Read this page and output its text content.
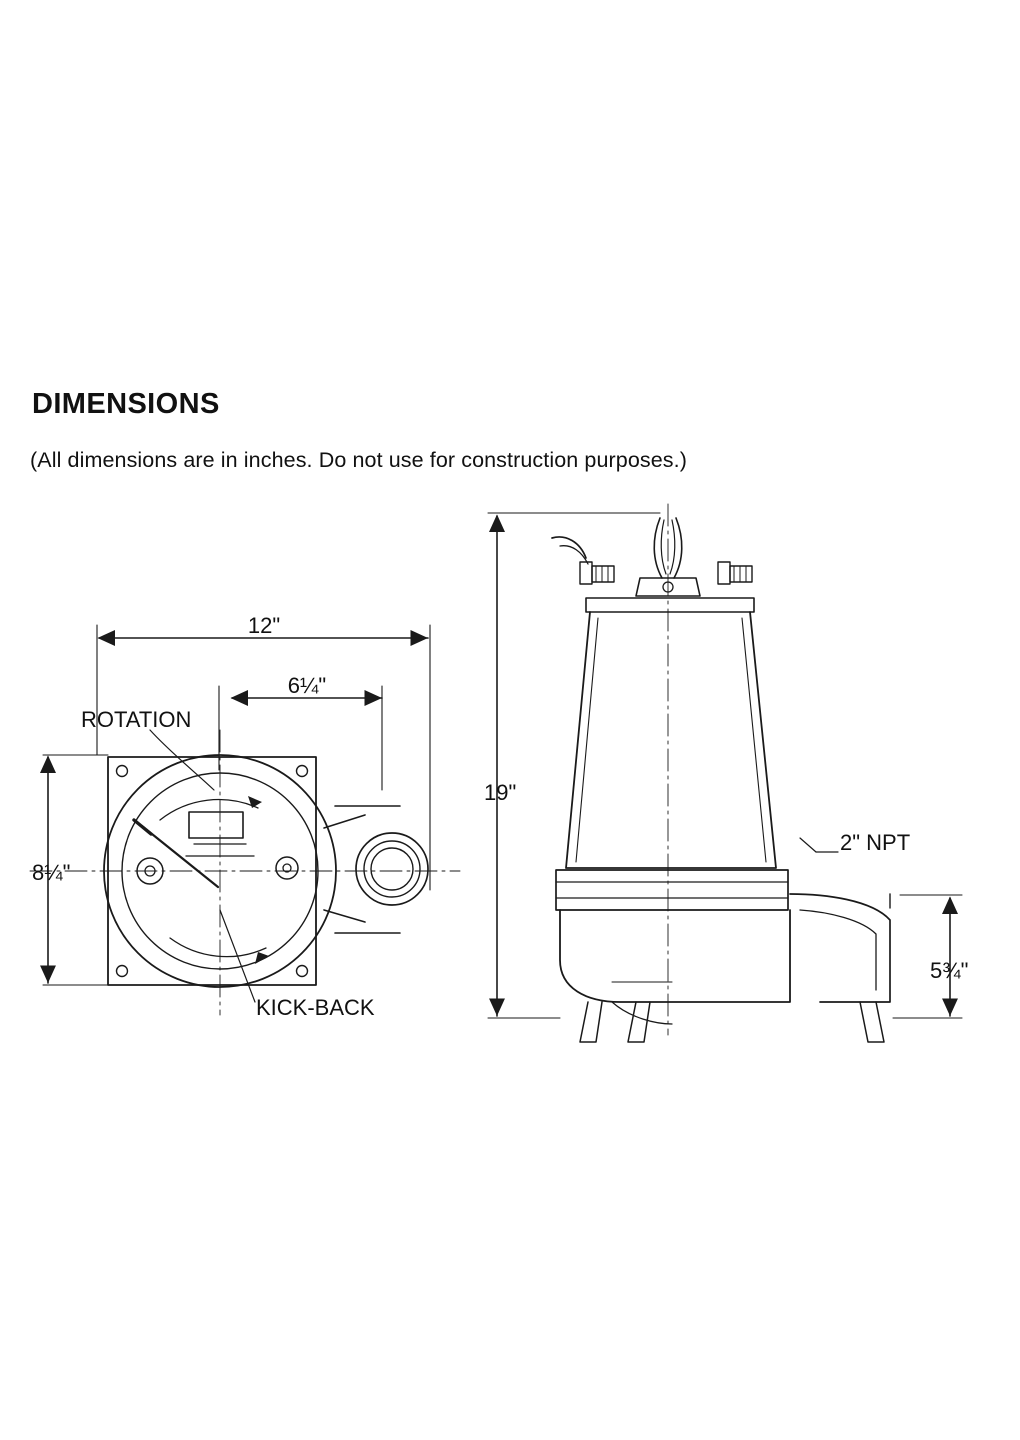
DIMENSIONS
(All dimensions are in inches. Do not use for construction purposes.)
12"
6¼"
8¼"
ROTATION
KICK-BACK
19"
2" NPT
5¾"
